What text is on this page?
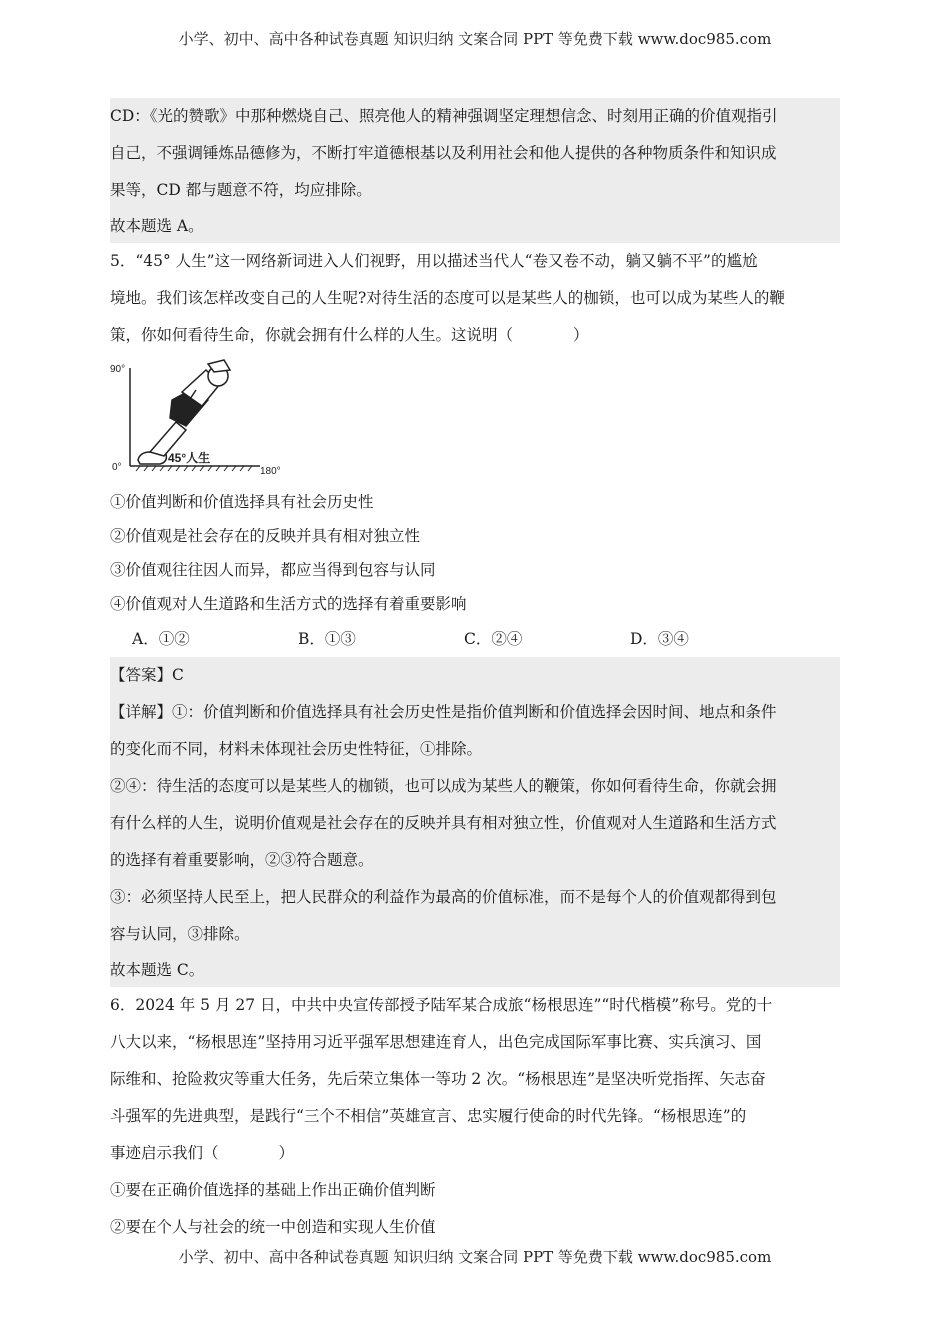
小学、初中、高中各种试卷真题 知识归纳 文案合同 PPT 等免费下载 www.doc985.com

CD：《光的赞歌》中那种燃烧自己、照亮他人的精神强调坚定理想信念、时刻用正确的价值观指引

自己，不强调锤炼品德修为，不断打牢道德根基以及利用社会和他人提供的各种物质条件和知识成

果等，CD 都与题意不符，均应排除。

故本题选 A。

5．“45° 人生”这一网络新词进入人们视野，用以描述当代人“卷又卷不动，躺又躺不平”的尴尬

境地。我们该怎样改变自己的人生呢?对待生活的态度可以是某些人的枷锁，也可以成为某些人的鞭

策，你如何看待生命，你就会拥有什么样的人生。这说明（	）

90°
0°	180°
45°人生

①价值判断和价值选择具有社会历史性

②价值观是社会存在的反映并具有相对独立性

③价值观往往因人而异，都应当得到包容与认同

④价值观对人生道路和生活方式的选择有着重要影响

A．①②	B．①③	C．②④	D．③④

【答案】C

【详解】①：价值判断和价值选择具有社会历史性是指价值判断和价值选择会因时间、地点和条件

的变化而不同，材料未体现社会历史性特征，①排除。

②④：待生活的态度可以是某些人的枷锁，也可以成为某些人的鞭策，你如何看待生命，你就会拥

有什么样的人生，说明价值观是社会存在的反映并具有相对独立性，价值观对人生道路和生活方式

的选择有着重要影响，②③符合题意。

③：必须坚持人民至上，把人民群众的利益作为最高的价值标准，而不是每个人的价值观都得到包

容与认同，③排除。

故本题选 C。

6．2024 年 5 月 27 日，中共中央宣传部授予陆军某合成旅“杨根思连”“时代楷模”称号。党的十

八大以来，“杨根思连”坚持用习近平强军思想建连育人，出色完成国际军事比赛、实兵演习、国

际维和、抢险救灾等重大任务，先后荣立集体一等功 2 次。“杨根思连”是坚决听党指挥、矢志奋

斗强军的先进典型，是践行“三个不相信”英雄宣言、忠实履行使命的时代先锋。“杨根思连”的

事迹启示我们（	）

①要在正确价值选择的基础上作出正确价值判断

②要在个人与社会的统一中创造和实现人生价值

小学、初中、高中各种试卷真题 知识归纳 文案合同 PPT 等免费下载 www.doc985.com
